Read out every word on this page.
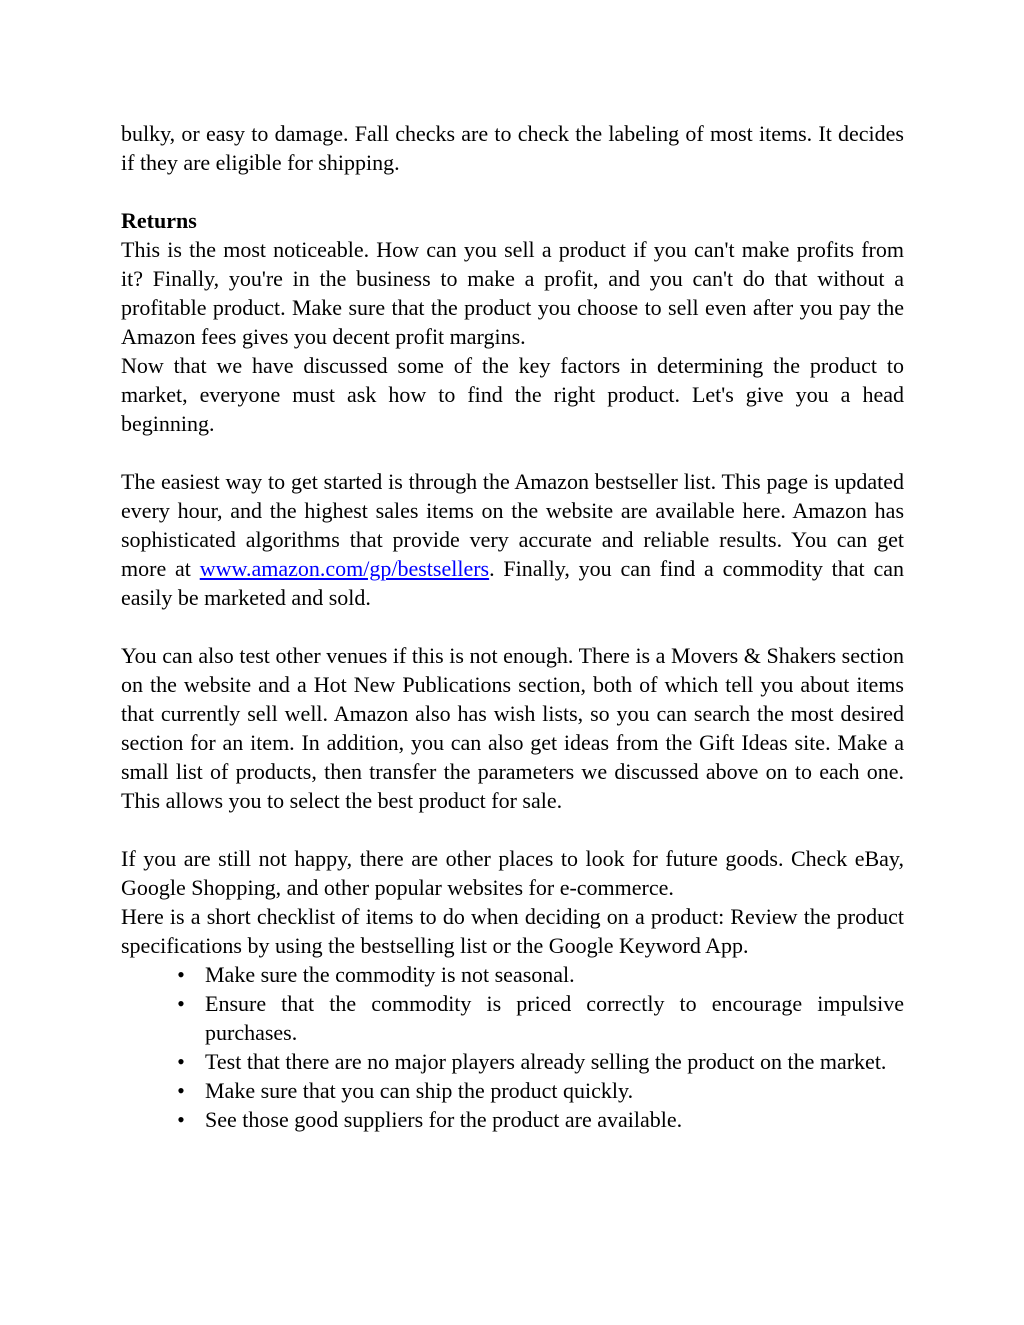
bulky, or easy to damage. Fall checks are to check the labeling of most items. It decides if they are eligible for shipping.

Returns

This is the most noticeable. How can you sell a product if you can't make profits from it? Finally, you're in the business to make a profit, and you can't do that without a profitable product. Make sure that the product you choose to sell even after you pay the Amazon fees gives you decent profit margins.

Now that we have discussed some of the key factors in determining the product to market, everyone must ask how to find the right product. Let's give you a head beginning.

The easiest way to get started is through the Amazon bestseller list. This page is updated every hour, and the highest sales items on the website are available here. Amazon has sophisticated algorithms that provide very accurate and reliable results. You can get more at www.amazon.com/gp/bestsellers. Finally, you can find a commodity that can easily be marketed and sold.

You can also test other venues if this is not enough. There is a Movers & Shakers section on the website and a Hot New Publications section, both of which tell you about items that currently sell well. Amazon also has wish lists, so you can search the most desired section for an item. In addition, you can also get ideas from the Gift Ideas site. Make a small list of products, then transfer the parameters we discussed above on to each one. This allows you to select the best product for sale.

If you are still not happy, there are other places to look for future goods. Check eBay, Google Shopping, and other popular websites for e-commerce.

Here is a short checklist of items to do when deciding on a product: Review the product specifications by using the bestselling list or the Google Keyword App.

• Make sure the commodity is not seasonal.
• Ensure that the commodity is priced correctly to encourage impulsive purchases.
• Test that there are no major players already selling the product on the market.
• Make sure that you can ship the product quickly.
• See those good suppliers for the product are available.
